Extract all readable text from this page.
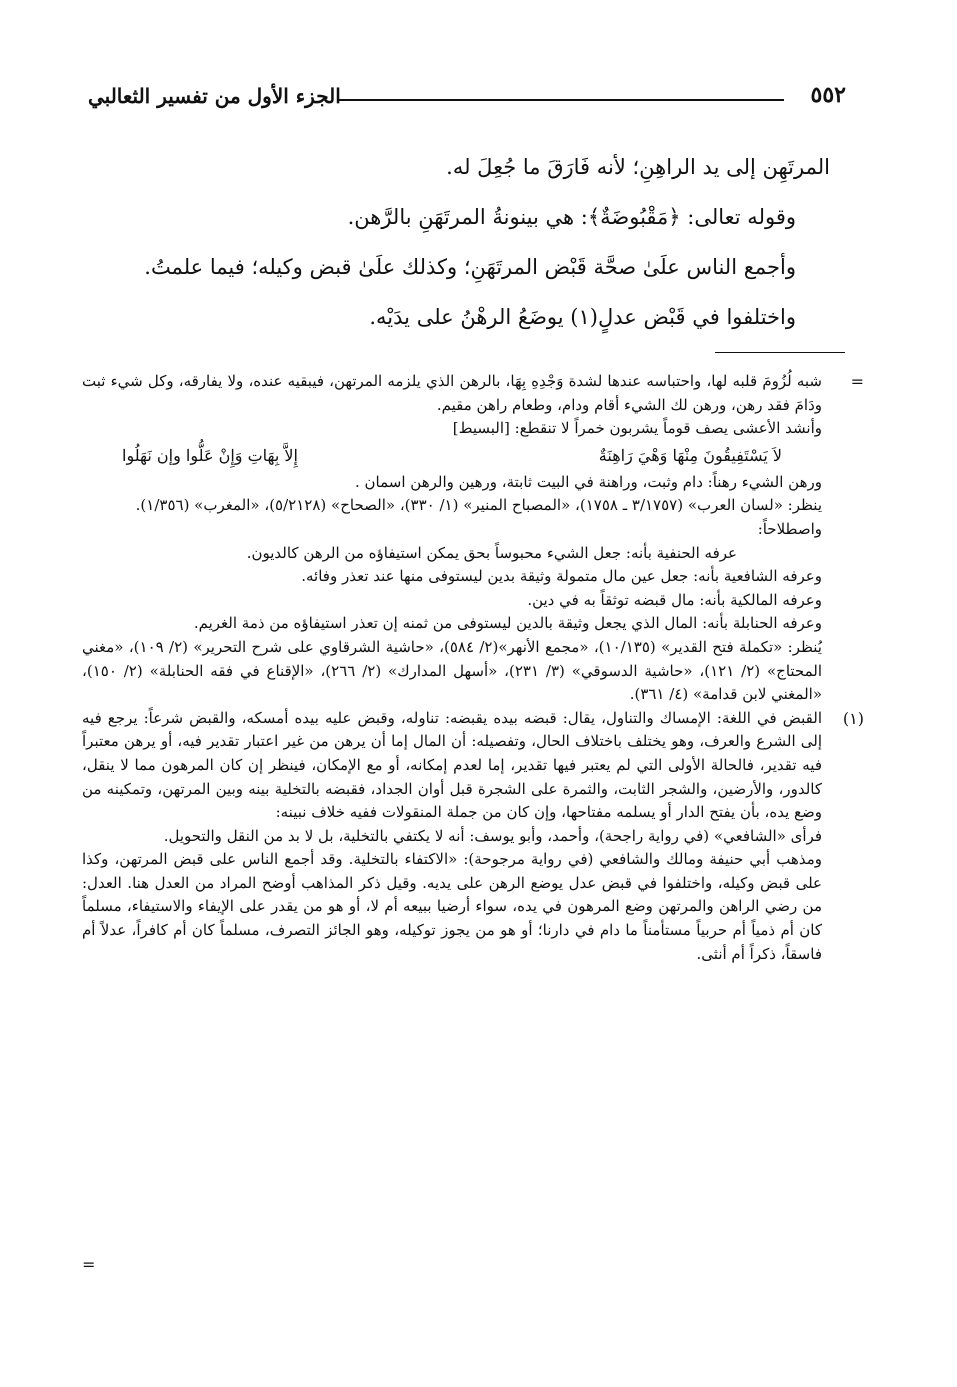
٥٥٢
الجزء الأول من تفسير الثعالبي

المرتَهِن إلى يد الراهِنِ؛ لأنه فَارَقَ ما جُعِلَ له.

وقوله تعالى: ﴿مَقْبُوضَةٌ﴾: هي بينونةُ المرتَهَنِ بالرَّهن.

وأجمع الناس علَىٰ صحَّة قَبْض المرتَهَنِ؛ وكذلك علَىٰ قبض وكيله؛ فيما علمتُ.

واختلفوا في قَبْض عدلٍ(١) يوضَعُ الرهْنُ على يدَيْه.

=

شبه لُزُومَ قلبه لها، واحتباسه عندها لشدة وَجْدِهِ بِهَا، بالرهن الذي يلزمه المرتهن، فيبقيه عنده، ولا يفارقه، وكل شيء ثبت ودَامَ فقد رهن، ورهن لك الشيء أقام ودام، وطعام راهن مقيم.

وأنشد الأعشى يصف قوماً يشربون خمراً لا تنقطع: [البسيط]

لاَ يَسْتَفِيقُونَ مِنْهَا وَهْيَ رَاهِنَةٌ
إِلاَّ بِهَاتِ وَإِنْ عَلُّوا وإن نَهَلُوا

ورهن الشيء رهناً: دام وثبت، وراهنة في البيت ثابتة، ورهين والرهن اسمان .

ينظر: «لسان العرب» (٣/١٧٥٧ ـ ١٧٥٨)، «المصباح المنير» (١/ ٣٣٠)، «الصحاح» (٥/٢١٢٨)، «المغرب» (١/٣٥٦).

واصطلاحاً:

عرفه الحنفية بأنه: جعل الشيء محبوساً بحق يمكن استيفاؤه من الرهن كالديون.

وعرفه الشافعية بأنه: جعل عين مال متمولة وثيقة بدين ليستوفى منها عند تعذر وفائه.

وعرفه المالكية بأنه: مال قبضه توثقاً به في دين.

وعرفه الحنابلة بأنه: المال الذي يجعل وثيقة بالدين ليستوفى من ثمنه إن تعذر استيفاؤه من ذمة الغريم.

يُنظر: «تكملة فتح القدير» (١٠/١٣٥)، «مجمع الأنهر»(٢/ ٥٨٤)، «حاشية الشرقاوي على شرح التحرير» (٢/ ١٠٩)، «مغني المحتاج» (٢/ ١٢١)، «حاشية الدسوقي» (٣/ ٢٣١)، «أسهل المدارك» (٢/ ٢٦٦)، «الإقناع في فقه الحنابلة» (٢/ ١٥٠)، «المغني لابن قدامة» (٤/ ٣٦١).

(١)

القبض في اللغة: الإمساك والتناول، يقال: قبضه بيده يقبضه: تناوله، وقبض عليه بيده أمسكه، والقبض شرعاً: يرجع فيه إلى الشرع والعرف، وهو يختلف باختلاف الحال، وتفصيله: أن المال إما أن يرهن من غير اعتبار تقدير فيه، أو يرهن معتبراً فيه تقدير، فالحالة الأولى التي لم يعتبر فيها تقدير، إما لعدم إمكانه، أو مع الإمكان، فينظر إن كان المرهون مما لا ينقل، كالدور، والأرضين، والشجر الثابت، والثمرة على الشجرة قبل أوان الجداد، فقبضه بالتخلية بينه وبين المرتهن، وتمكينه من وضع يده، بأن يفتح الدار أو يسلمه مفتاحها، وإن كان من جملة المنقولات ففيه خلاف نبينه:

فرأى «الشافعي» (في رواية راجحة)، وأحمد، وأبو يوسف: أنه لا يكتفي بالتخلية، بل لا بد من النقل والتحويل.

ومذهب أبي حنيفة ومالك والشافعي (في رواية مرجوحة): «الاكتفاء بالتخلية. وقد أجمع الناس على قبض المرتهن، وكذا على قبض وكيله، واختلفوا في قبض عدل يوضع الرهن على يديه. وقيل ذكر المذاهب أوضح المراد من العدل هنا. العدل: من رضي الراهن والمرتهن وضع المرهون في يده، سواء أرضيا ببيعه أم لا، أو هو من يقدر على الإيفاء والاستيفاء، مسلماً كان أم ذمياً أم حربياً مستأمناً ما دام في دارنا؛ أو هو من يجوز توكيله، وهو الجائز التصرف، مسلماً كان أم كافراً، عدلاً أم فاسقاً، ذكراً أم أنثى.

=
